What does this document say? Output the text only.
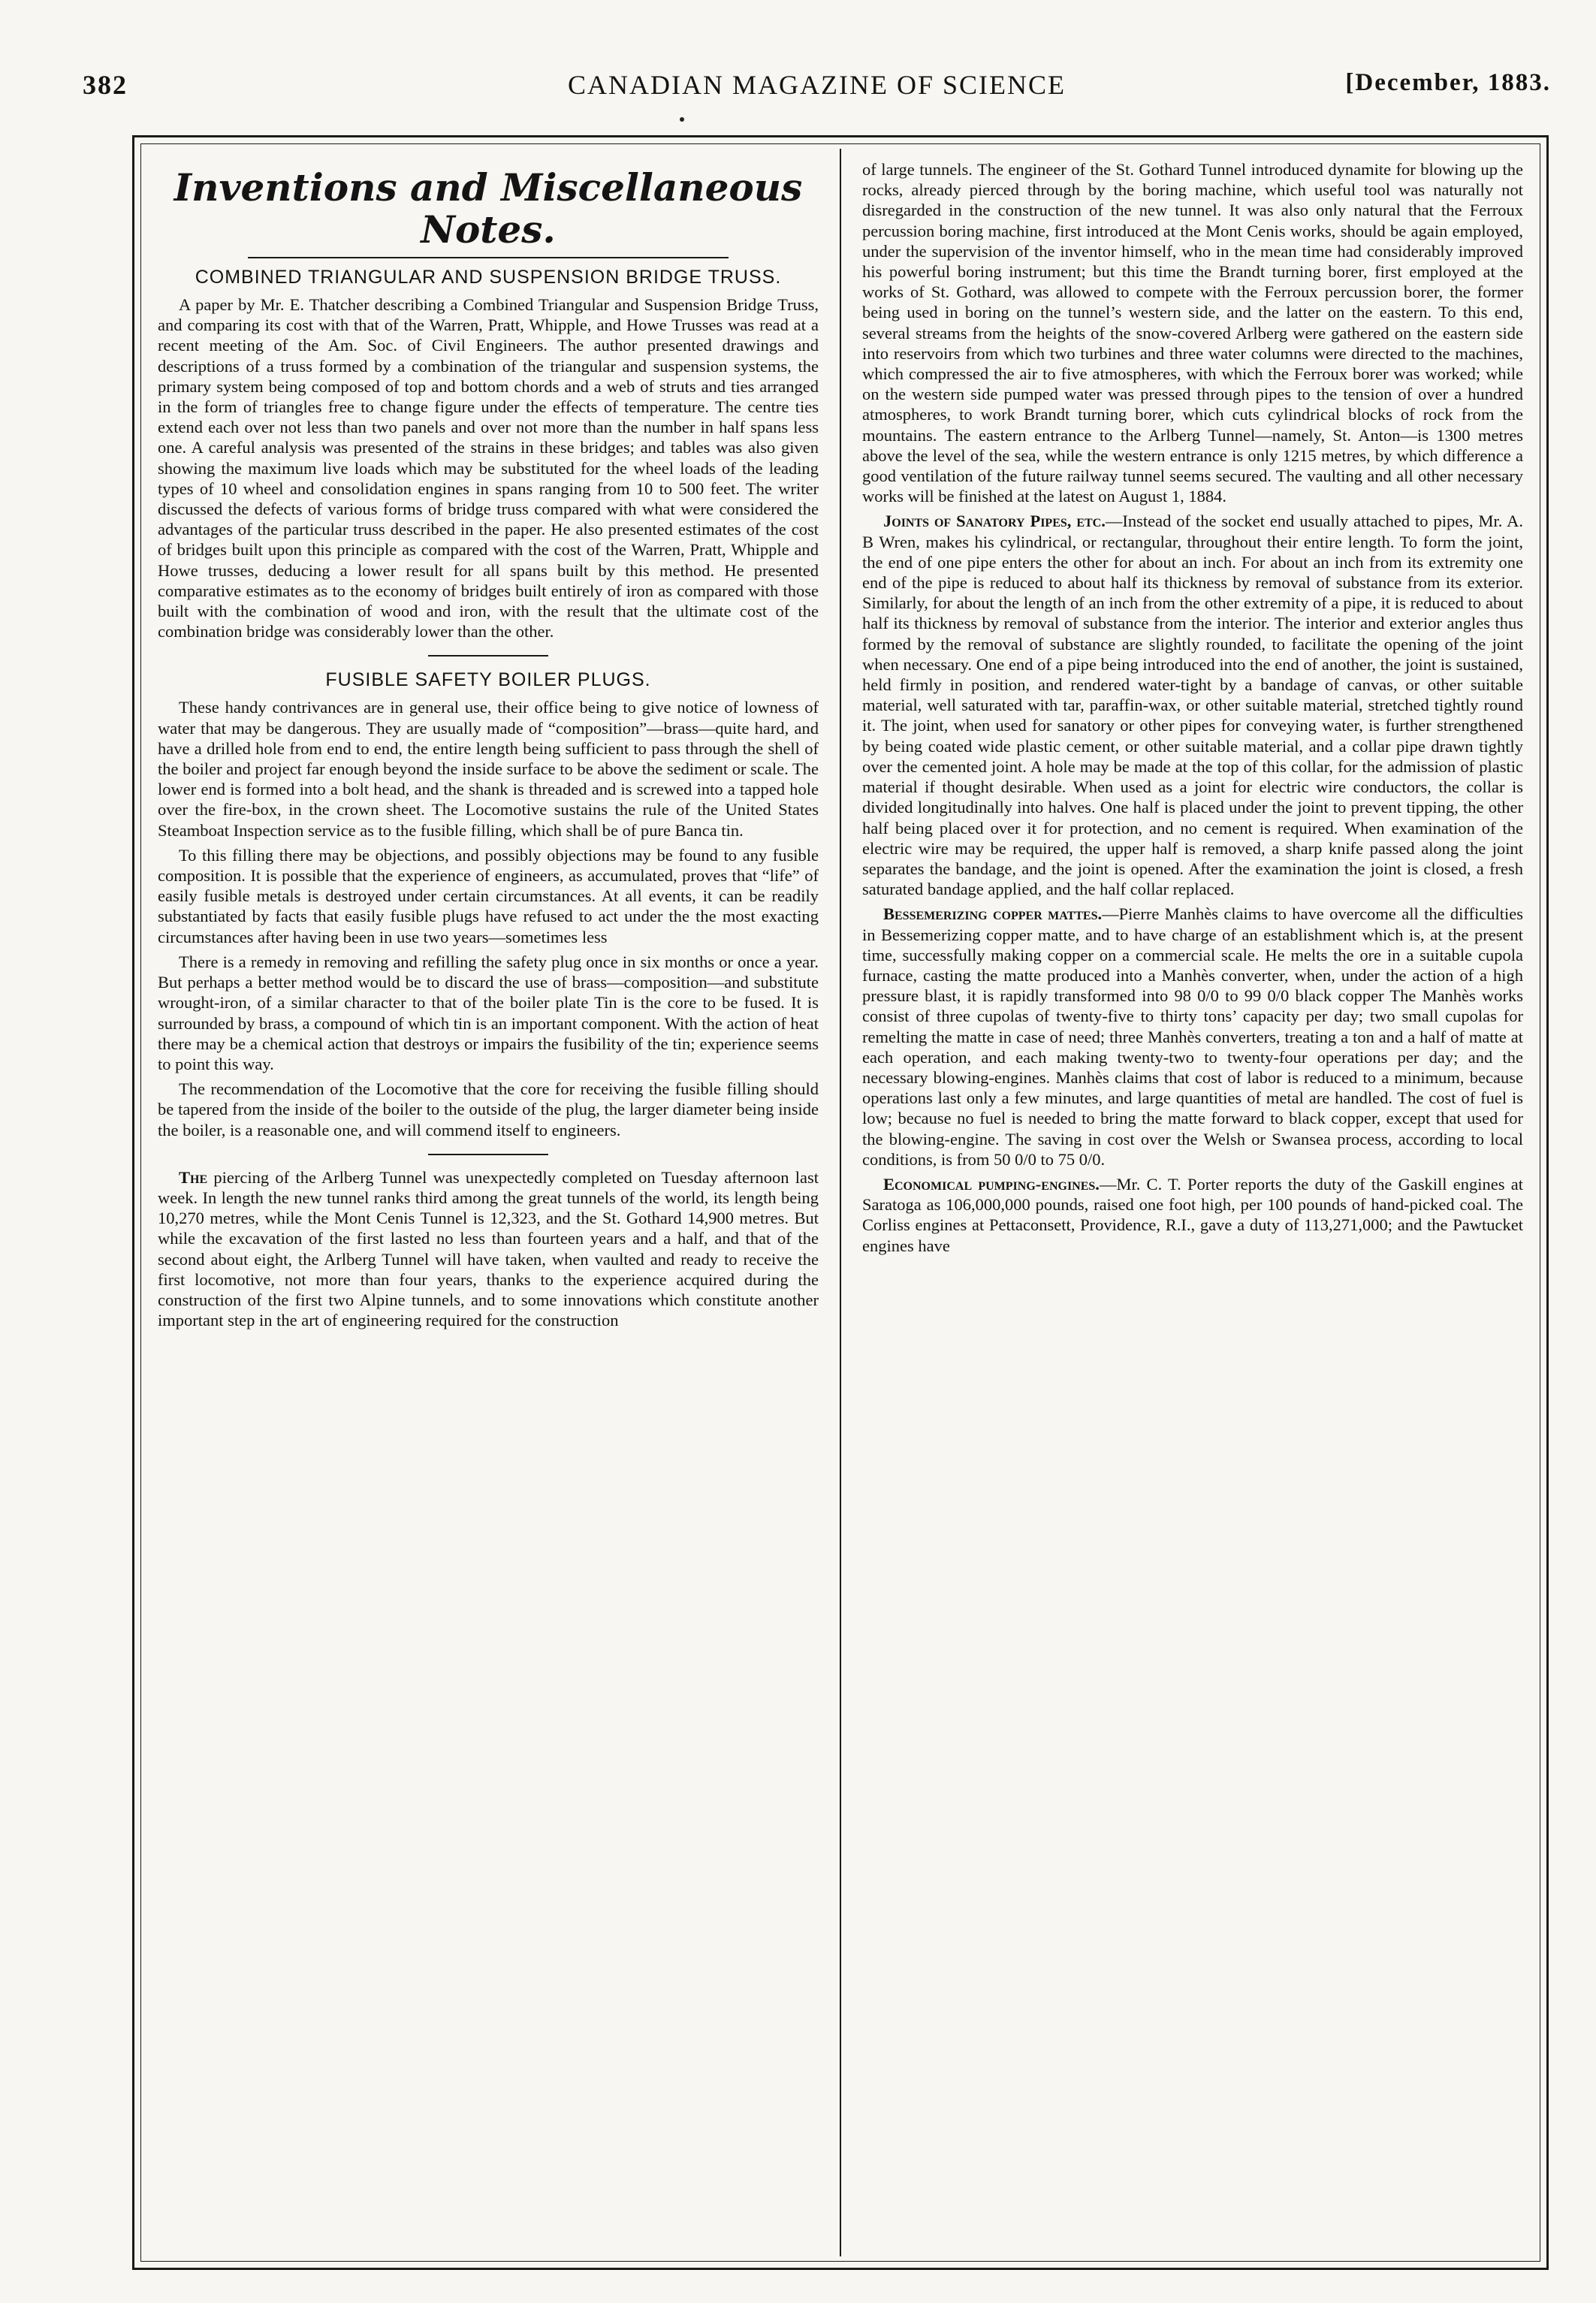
382	CANADIAN MAGAZINE OF SCIENCE	[December, 1883.
Inventions and Miscellaneous Notes.
COMBINED TRIANGULAR AND SUSPENSION BRIDGE TRUSS.

A paper by Mr. E. Thatcher describing a Combined Triangular and Suspension Bridge Truss, and comparing its cost with that of the Warren, Pratt, Whipple, and Howe Trusses was read at a recent meeting of the Am. Soc. of Civil Engineers. The author presented drawings and descriptions of a truss formed by a combination of the triangular and suspension systems, the primary system being composed of top and bottom chords and a web of struts and ties arranged in the form of triangles free to change figure under the effects of temperature. The centre ties extend each over not less than two panels and over not more than the number in half spans less one. A careful analysis was presented of the strains in these bridges; and tables was also given showing the maximum live loads which may be substituted for the wheel loads of the leading types of 10 wheel and consolidation engines in spans ranging from 10 to 500 feet. The writer discussed the defects of various forms of bridge truss compared with what were considered the advantages of the particular truss described in the paper. He also presented estimates of the cost of bridges built upon this principle as compared with the cost of the Warren, Pratt, Whipple and Howe trusses, deducing a lower result for all spans built by this method. He presented comparative estimates as to the economy of bridges built entirely of iron as compared with those built with the combination of wood and iron, with the result that the ultimate cost of the combination bridge was considerably lower than the other.

FUSIBLE SAFETY BOILER PLUGS.

These handy contrivances are in general use, their office being to give notice of lowness of water that may be dangerous. They are usually made of “composition”—brass—quite hard, and have a drilled hole from end to end, the entire length being sufficient to pass through the shell of the boiler and project far enough beyond the inside surface to be above the sediment or scale. The lower end is formed into a bolt head, and the shank is threaded and is screwed into a tapped hole over the fire-box, in the crown sheet. The Locomotive sustains the rule of the United States Steamboat Inspection service as to the fusible filling, which shall be of pure Banca tin.

To this filling there may be objections, and possibly objections may be found to any fusible composition. It is possible that the experience of engineers, as accumulated, proves that “life” of easily fusible metals is destroyed under certain circumstances. At all events, it can be readily substantiated by facts that easily fusible plugs have refused to act under the the most exacting circumstances after having been in use two years—sometimes less

There is a remedy in removing and refilling the safety plug once in six months or once a year. But perhaps a better method would be to discard the use of brass—composition—and substitute wrought-iron, of a similar character to that of the boiler plate Tin is the core to be fused. It is surrounded by brass, a compound of which tin is an important component. With the action of heat there may be a chemical action that destroys or impairs the fusibility of the tin; experience seems to point this way.

The recommendation of the Locomotive that the core for receiving the fusible filling should be tapered from the inside of the boiler to the outside of the plug, the larger diameter being inside the boiler, is a reasonable one, and will commend itself to engineers.

The piercing of the Arlberg Tunnel was unexpectedly completed on Tuesday afternoon last week. In length the new tunnel ranks third among the great tunnels of the world, its length being 10,270 metres, while the Mont Cenis Tunnel is 12,323, and the St. Gothard 14,900 metres. But while the excavation of the first lasted no less than fourteen years and a half, and that of the second about eight, the Arlberg Tunnel will have taken, when vaulted and ready to receive the first locomotive, not more than four years, thanks to the experience acquired during the construction of the first two Alpine tunnels, and to some innovations which constitute another important step in the art of engineering required for the construction

of large tunnels. The engineer of the St. Gothard Tunnel introduced dynamite for blowing up the rocks, already pierced through by the boring machine, which useful tool was naturally not disregarded in the construction of the new tunnel. It was also only natural that the Ferroux percussion boring machine, first introduced at the Mont Cenis works, should be again employed, under the supervision of the inventor himself, who in the mean time had considerably improved his powerful boring instrument; but this time the Brandt turning borer, first employed at the works of St. Gothard, was allowed to compete with the Ferroux percussion borer, the former being used in boring on the tunnel’s western side, and the latter on the eastern. To this end, several streams from the heights of the snow-covered Arlberg were gathered on the eastern side into reservoirs from which two turbines and three water columns were directed to the machines, which compressed the air to five atmospheres, with which the Ferroux borer was worked; while on the western side pumped water was pressed through pipes to the tension of over a hundred atmospheres, to work Brandt turning borer, which cuts cylindrical blocks of rock from the mountains. The eastern entrance to the Arlberg Tunnel—namely, St. Anton—is 1300 metres above the level of the sea, while the western entrance is only 1215 metres, by which difference a good ventilation of the future railway tunnel seems secured. The vaulting and all other necessary works will be finished at the latest on August 1, 1884.

Joints of Sanatory Pipes, etc.—Instead of the socket end usually attached to pipes, Mr. A. B Wren, makes his cylindrical, or rectangular, throughout their entire length. To form the joint, the end of one pipe enters the other for about an inch. For about an inch from its extremity one end of the pipe is reduced to about half its thickness by removal of substance from its exterior. Similarly, for about the length of an inch from the other extremity of a pipe, it is reduced to about half its thickness by removal of substance from the interior. The interior and exterior angles thus formed by the removal of substance are slightly rounded, to facilitate the opening of the joint when necessary. One end of a pipe being introduced into the end of another, the joint is sustained, held firmly in position, and rendered water-tight by a bandage of canvas, or other suitable material, well saturated with tar, paraffin-wax, or other suitable material, stretched tightly round it. The joint, when used for sanatory or other pipes for conveying water, is further strengthened by being coated wide plastic cement, or other suitable material, and a collar pipe drawn tightly over the cemented joint. A hole may be made at the top of this collar, for the admission of plastic material if thought desirable. When used as a joint for electric wire conductors, the collar is divided longitudinally into halves. One half is placed under the joint to prevent tipping, the other half being placed over it for protection, and no cement is required. When examination of the electric wire may be required, the upper half is removed, a sharp knife passed along the joint separates the bandage, and the joint is opened. After the examination the joint is closed, a fresh saturated bandage applied, and the half collar replaced.

Bessemerizing copper mattes.—Pierre Manhès claims to have overcome all the difficulties in Bessemerizing copper matte, and to have charge of an establishment which is, at the present time, successfully making copper on a commercial scale. He melts the ore in a suitable cupola furnace, casting the matte produced into a Manhès converter, when, under the action of a high pressure blast, it is rapidly transformed into 98 0/0 to 99 0/0 black copper The Manhès works consist of three cupolas of twenty-five to thirty tons’ capacity per day; two small cupolas for remelting the matte in case of need; three Manhès converters, treating a ton and a half of matte at each operation, and each making twenty-two to twenty-four operations per day; and the necessary blowing-engines. Manhès claims that cost of labor is reduced to a minimum, because operations last only a few minutes, and large quantities of metal are handled. The cost of fuel is low; because no fuel is needed to bring the matte forward to black copper, except that used for the blowing-engine. The saving in cost over the Welsh or Swansea process, according to local conditions, is from 50 0/0 to 75 0/0.

Economical pumping-engines.—Mr. C. T. Porter reports the duty of the Gaskill engines at Saratoga as 106,000,000 pounds, raised one foot high, per 100 pounds of hand-picked coal. The Corliss engines at Pettaconsett, Providence, R.I., gave a duty of 113,271,000; and the Pawtucket engines have
